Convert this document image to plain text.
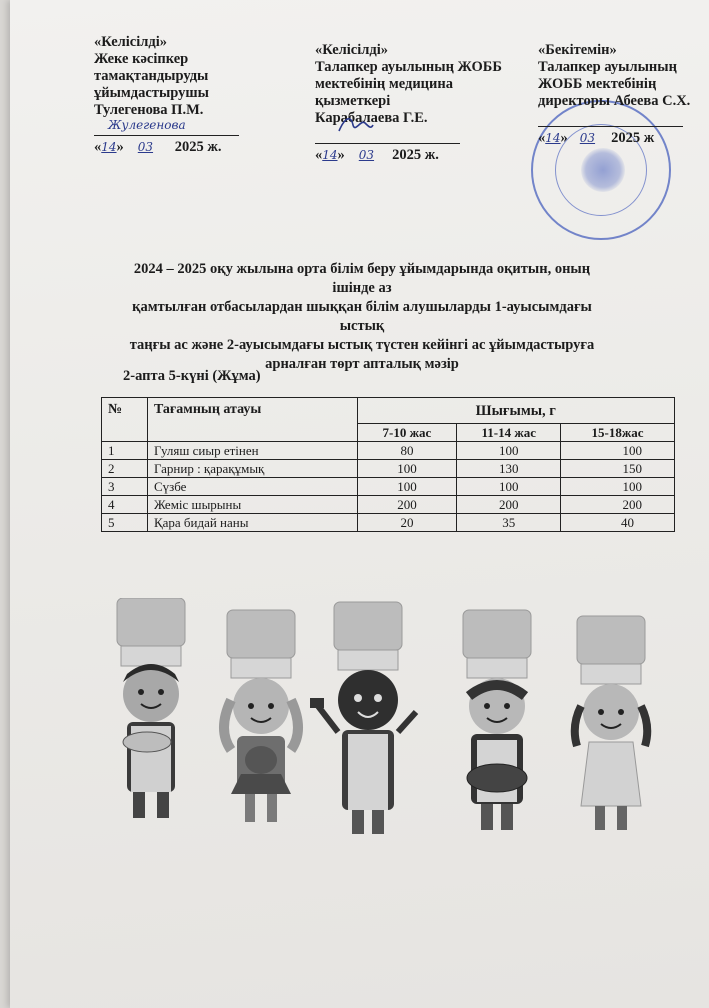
«Келісілді»
Жеке кәсіпкер
тамақтандыруды
ұйымдастырушы
Тулегенова П.М.
Жулегенова
«14» 03 2025 ж.
«Келісілді»
Талапкер ауылының ЖОББ
мектебінің медицина
қызметкері
Карабалаева Г.Е.
«14» 03 2025 ж.
«Бекітемін»
Талапкер ауылының
ЖОББ мектебінің
директоры Абеева С.Х.
«14» 03 2025 ж
2024 – 2025 оқу жылына орта білім беру ұйымдарында оқитын, оның ішінде аз
қамтылған отбасылардан шыққан білім алушыларды 1-ауысымдағы ыстық
таңғы ас және 2-ауысымдағы ыстық түстен кейінгі ас ұйымдастыруға
арналған төрт апталық мәзір
2-апта 5-күні (Жұма)
№	Тағамның атауы	Шығымы, г		
		7-10 жас	11-14 жас	15-18жас
1	Гуляш сиыр етінен	80	100	100
2	Гарнир : қарақұмық	100	130	150
3	Сүзбе	100	100	100
4	Жеміс шырыны	200	200	200
5	Қара бидай наны	20	35	40
